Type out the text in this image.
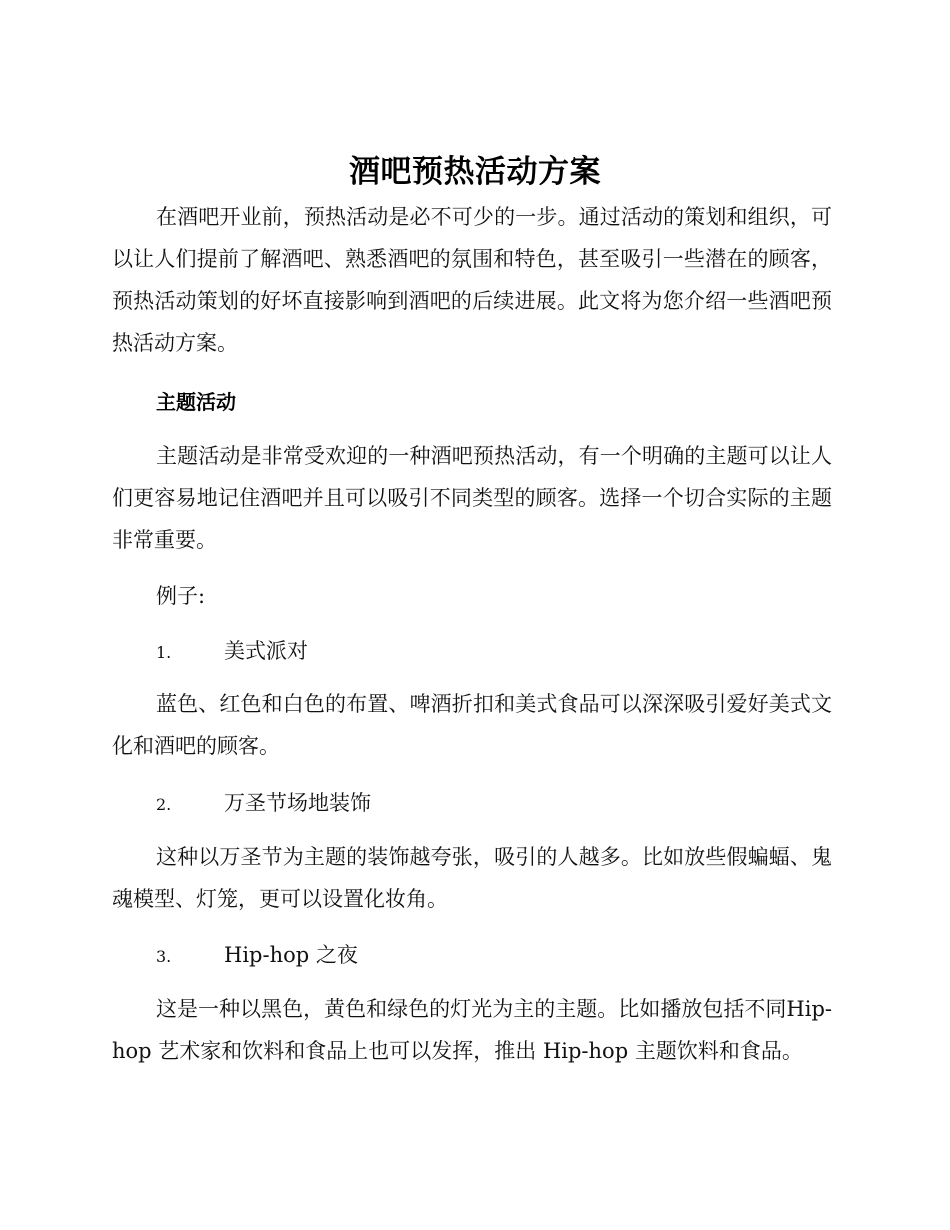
酒吧预热活动方案

在酒吧开业前，预热活动是必不可少的一步。通过活动的策划和组织，可以让人们提前了解酒吧、熟悉酒吧的氛围和特色，甚至吸引一些潜在的顾客，预热活动策划的好坏直接影响到酒吧的后续进展。此文将为您介绍一些酒吧预热活动方案。

主题活动

主题活动是非常受欢迎的一种酒吧预热活动，有一个明确的主题可以让人们更容易地记住酒吧并且可以吸引不同类型的顾客。选择一个切合实际的主题非常重要。

例子:
1.	美式派对

蓝色、红色和白色的布置、啤酒折扣和美式食品可以深深吸引爱好美式文化和酒吧的顾客。

2.	万圣节场地装饰

这种以万圣节为主题的装饰越夸张，吸引的人越多。比如放些假蝙蝠、鬼魂模型、灯笼，更可以设置化妆角。

3.	Hip-hop 之夜

这是一种以黑色，黄色和绿色的灯光为主的主题。比如播放包括不同Hip-hop 艺术家和饮料和食品上也可以发挥，推出 Hip-hop 主题饮料和食品。
